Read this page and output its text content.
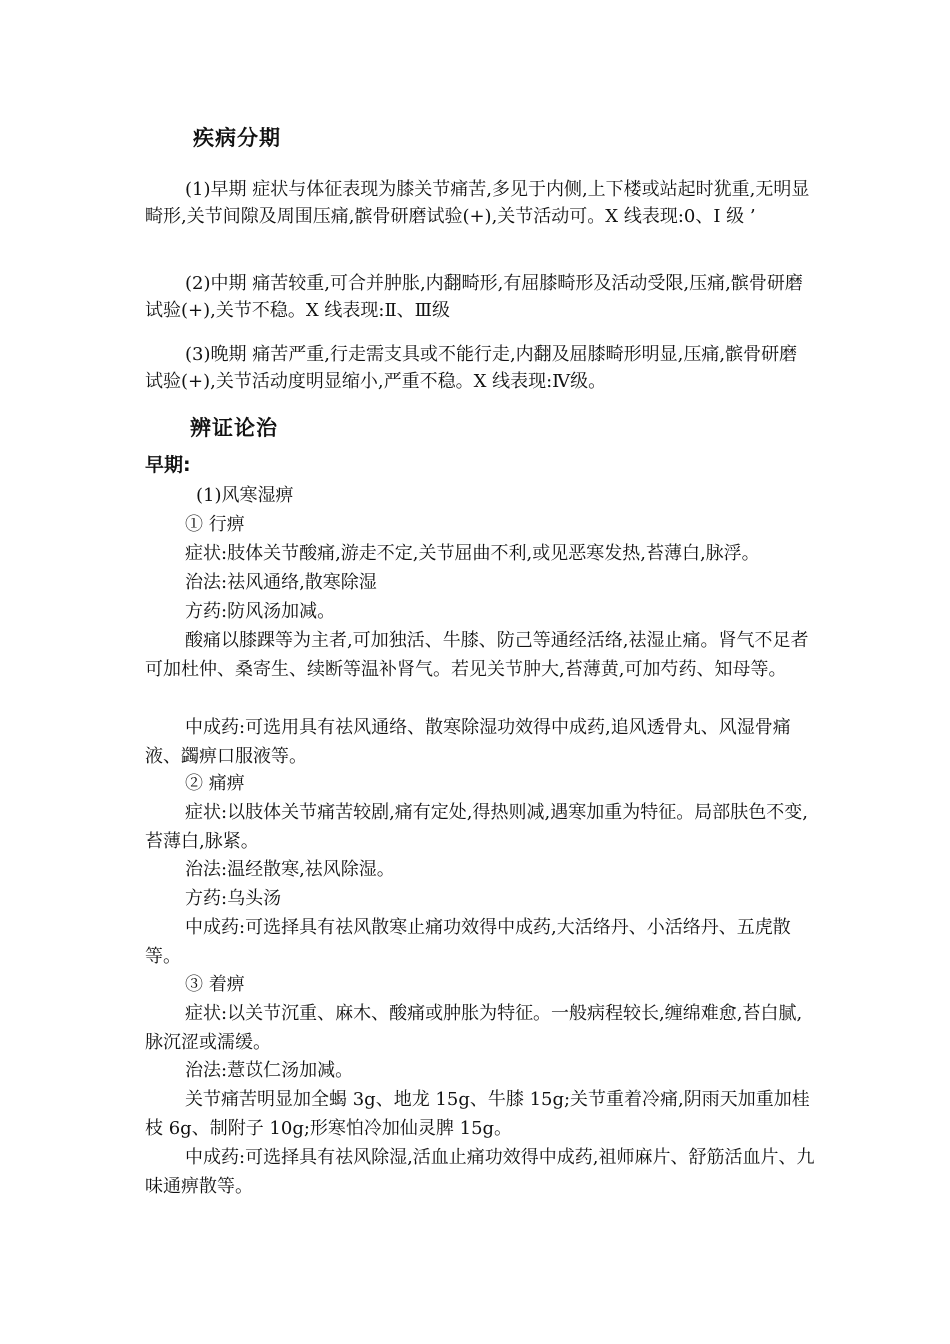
疾病分期

(1)早期 症状与体征表现为膝关节痛苦,多见于内侧,上下楼或站起时犹重,无明显畸形,关节间隙及周围压痛,髌骨研磨试验(+),关节活动可。X 线表现:0、I 级 ’

(2)中期 痛苦较重,可合并肿胀,内翻畸形,有屈膝畸形及活动受限,压痛,髌骨研磨试验(+),关节不稳。X 线表现:Ⅱ、Ⅲ级

(3)晚期 痛苦严重,行走需支具或不能行走,内翻及屈膝畸形明显,压痛,髌骨研磨试验(+),关节活动度明显缩小,严重不稳。X 线表现:Ⅳ级。

辨证论治
早期:
(1)风寒湿痹
① 行痹
症状:肢体关节酸痛,游走不定,关节屈曲不利,或见恶寒发热,苔薄白,脉浮。
治法:祛风通络,散寒除湿
方药:防风汤加减。

酸痛以膝踝等为主者,可加独活、牛膝、防己等通经活络,祛湿止痛。肾气不足者可加杜仲、桑寄生、续断等温补肾气。若见关节肿大,苔薄黄,可加芍药、知母等。

中成药:可选用具有祛风通络、散寒除湿功效得中成药,追风透骨丸、风湿骨痛液、蠲痹口服液等。

② 痛痹

症状:以肢体关节痛苦较剧,痛有定处,得热则减,遇寒加重为特征。局部肤色不变,苔薄白,脉紧。

治法:温经散寒,祛风除湿。
方药:乌头汤

中成药:可选择具有祛风散寒止痛功效得中成药,大活络丹、小活络丹、五虎散等。

③ 着痹

症状:以关节沉重、麻木、酸痛或肿胀为特征。一般病程较长,缠绵难愈,苔白腻,脉沉涩或濡缓。

治法:薏苡仁汤加减。

关节痛苦明显加全蝎 3g、地龙 15g、牛膝 15g;关节重着冷痛,阴雨天加重加桂枝 6g、制附子 10g;形寒怕冷加仙灵脾 15g。

中成药:可选择具有祛风除湿,活血止痛功效得中成药,祖师麻片、舒筋活血片、九味通痹散等。
